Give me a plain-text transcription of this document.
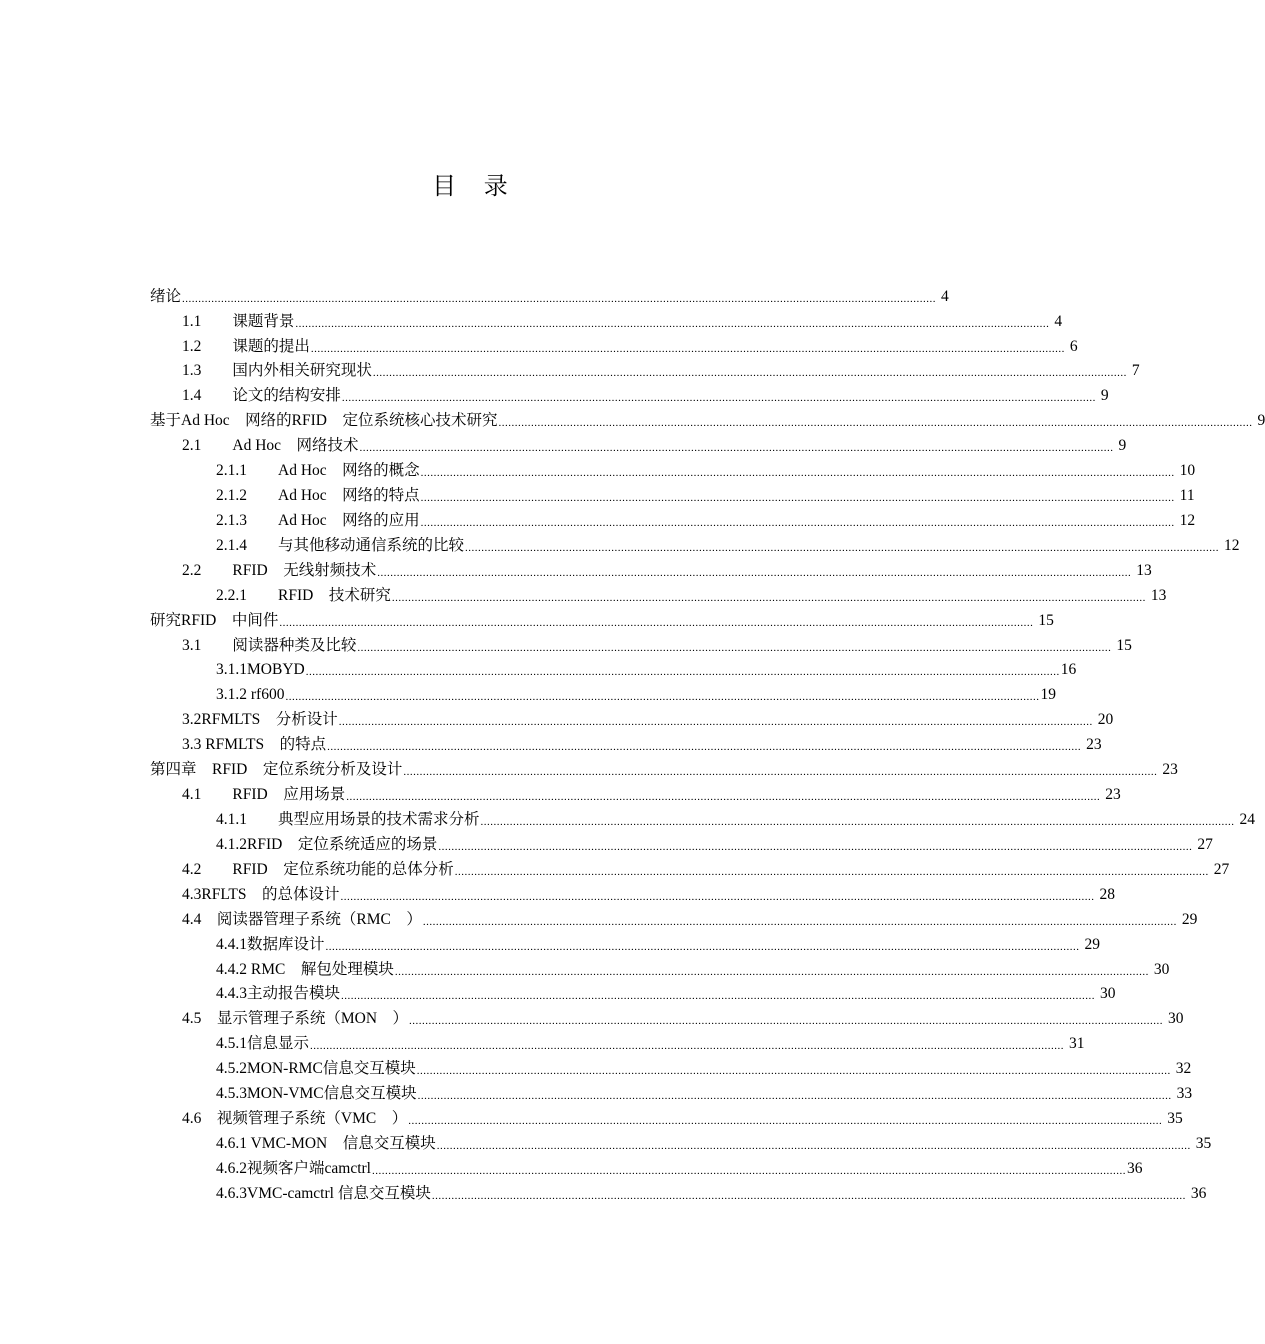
目 录
绪论 ........................................................................................................................................................................................................................................ 4
1.1　　课题背景 ........................................................................................................................................................................................................................................ 4
1.2　　课题的提出 ........................................................................................................................................................................................................................................ 6
1.3　　国内外相关研究现状 ........................................................................................................................................................................................................................................ 7
1.4　　论文的结构安排 ........................................................................................................................................................................................................................................ 9
基于Ad Hoc　网络的RFID　定位系统核心技术研究 ........................................................................................................................................................................................................................................ 9
2.1　　Ad Hoc　网络技术 ........................................................................................................................................................................................................................................ 9
2.1.1　　Ad Hoc　网络的概念 ........................................................................................................................................................................................................................................ 10
2.1.2　　Ad Hoc　网络的特点 ........................................................................................................................................................................................................................................ 11
2.1.3　　Ad Hoc　网络的应用 ........................................................................................................................................................................................................................................ 12
2.1.4　　与其他移动通信系统的比较 ........................................................................................................................................................................................................................................ 12
2.2　　RFID　无线射频技术 ........................................................................................................................................................................................................................................ 13
2.2.1　　RFID　技术研究 ........................................................................................................................................................................................................................................ 13
研究RFID　中间件 ........................................................................................................................................................................................................................................ 15
3.1　　阅读器种类及比较 ........................................................................................................................................................................................................................................ 15
3.1.1MOBYD ........................................................................................................................................................................................................................................ 16
3.1.2 rf600 ........................................................................................................................................................................................................................................ 19
3.2RFMLTS　分析设计 ........................................................................................................................................................................................................................................ 20
3.3 RFMLTS　的特点 ........................................................................................................................................................................................................................................ 23
第四章　RFID　定位系统分析及设计 ........................................................................................................................................................................................................................................ 23
4.1　　RFID　应用场景 ........................................................................................................................................................................................................................................ 23
4.1.1　　典型应用场景的技术需求分析 ........................................................................................................................................................................................................................................ 24
4.1.2RFID　定位系统适应的场景 ........................................................................................................................................................................................................................................ 27
4.2　　RFID　定位系统功能的总体分析 ........................................................................................................................................................................................................................................ 27
4.3RFLTS　的总体设计 ........................................................................................................................................................................................................................................ 28
4.4　阅读器管理子系统（RMC　） ........................................................................................................................................................................................................................................ 29
4.4.1数据库设计 ........................................................................................................................................................................................................................................ 29
4.4.2 RMC　解包处理模块 ........................................................................................................................................................................................................................................ 30
4.4.3主动报告模块 ........................................................................................................................................................................................................................................ 30
4.5　显示管理子系统（MON　） ........................................................................................................................................................................................................................................ 30
4.5.1信息显示 ........................................................................................................................................................................................................................................ 31
4.5.2MON-RMC信息交互模块 ........................................................................................................................................................................................................................................ 32
4.5.3MON-VMC信息交互模块 ........................................................................................................................................................................................................................................ 33
4.6　视频管理子系统（VMC　） ........................................................................................................................................................................................................................................ 35
4.6.1 VMC-MON　信息交互模块 ........................................................................................................................................................................................................................................ 35
4.6.2视频客户端camctrl ........................................................................................................................................................................................................................................ 36
4.6.3VMC-camctrl 信息交互模块 ........................................................................................................................................................................................................................................ 36
